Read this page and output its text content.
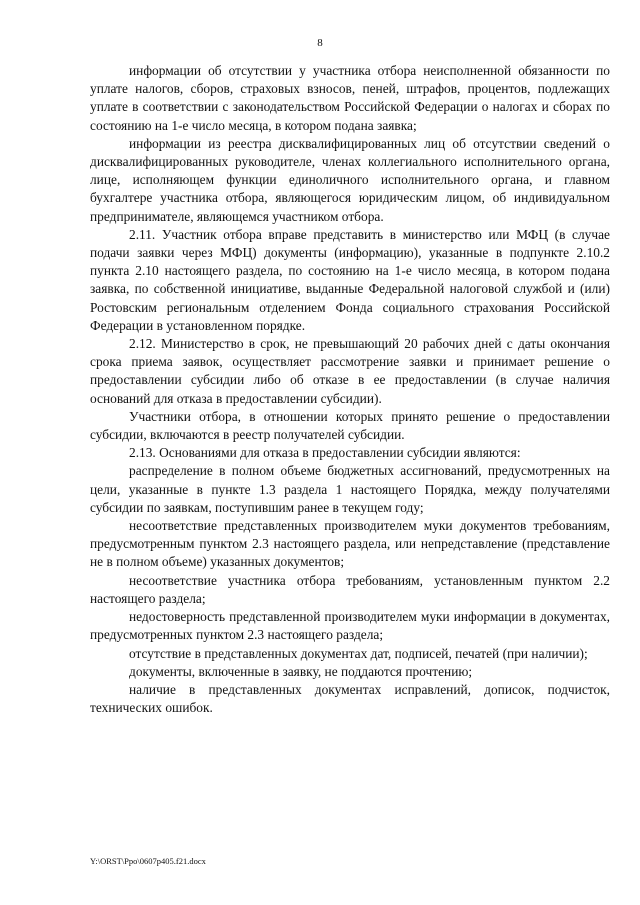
8

информации об отсутствии у участника отбора неисполненной обязанности по уплате налогов, сборов, страховых взносов, пеней, штрафов, процентов, подлежащих уплате в соответствии с законодательством Российской Федерации о налогах и сборах по состоянию на 1-е число месяца, в котором подана заявка;

информации из реестра дисквалифицированных лиц об отсутствии сведений о дисквалифицированных руководителе, членах коллегиального исполнительного органа, лице, исполняющем функции единоличного исполнительного органа, и главном бухгалтере участника отбора, являющегося юридическим лицом, об индивидуальном предпринимателе, являющемся участником отбора.

2.11. Участник отбора вправе представить в министерство или МФЦ (в случае подачи заявки через МФЦ) документы (информацию), указанные в подпункте 2.10.2 пункта 2.10 настоящего раздела, по состоянию на 1-е число месяца, в котором подана заявка, по собственной инициативе, выданные Федеральной налоговой службой и (или) Ростовским региональным отделением Фонда социального страхования Российской Федерации в установленном порядке.

2.12. Министерство в срок, не превышающий 20 рабочих дней с даты окончания срока приема заявок, осуществляет рассмотрение заявки и принимает решение о предоставлении субсидии либо об отказе в ее предоставлении (в случае наличия оснований для отказа в предоставлении субсидии).

Участники отбора, в отношении которых принято решение о предоставлении субсидии, включаются в реестр получателей субсидии.

2.13. Основаниями для отказа в предоставлении субсидии являются:

распределение в полном объеме бюджетных ассигнований, предусмотренных на цели, указанные в пункте 1.3 раздела 1 настоящего Порядка, между получателями субсидии по заявкам, поступившим ранее в текущем году;

несоответствие представленных производителем муки документов требованиям, предусмотренным пунктом 2.3 настоящего раздела, или непредставление (представление не в полном объеме) указанных документов;

несоответствие участника отбора требованиям, установленным пунктом 2.2 настоящего раздела;

недостоверность представленной производителем муки информации в документах, предусмотренных пунктом 2.3 настоящего раздела;

отсутствие в представленных документах дат, подписей, печатей (при наличии);

документы, включенные в заявку, не поддаются прочтению;

наличие в представленных документах исправлений, дописок, подчисток, технических ошибок.

Y:\ORST\Ppo\0607p405.f21.docx
